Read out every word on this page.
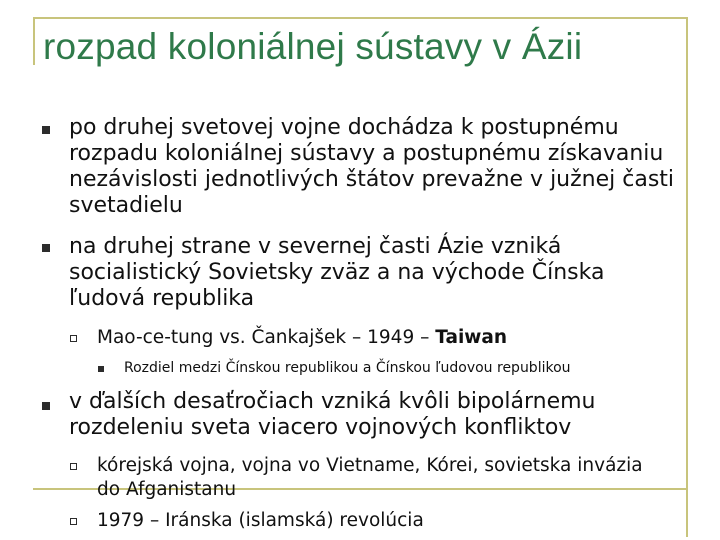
rozpad koloniálnej sústavy v Ázii
po druhej svetovej vojne dochádza k postupnému rozpadu koloniálnej sústavy a postupnému získavaniu nezávislosti jednotlivých štátov prevažne v južnej časti svetadielu
na druhej strane v severnej časti Ázie vzniká socialistický Sovietsky zväz a na východe Čínska ľudová republika
Mao-ce-tung vs. Čankajšek – 1949 – Taiwan
Rozdiel medzi Čínskou republikou a Čínskou ľudovou republikou
v ďalších desaťročiach vzniká kvôli bipolárnemu rozdeleniu sveta viacero vojnových konfliktov
kórejská vojna, vojna vo Vietname, Kórei, sovietska invázia do Afganistanu
1979 – Iránska (islamská) revolúcia
